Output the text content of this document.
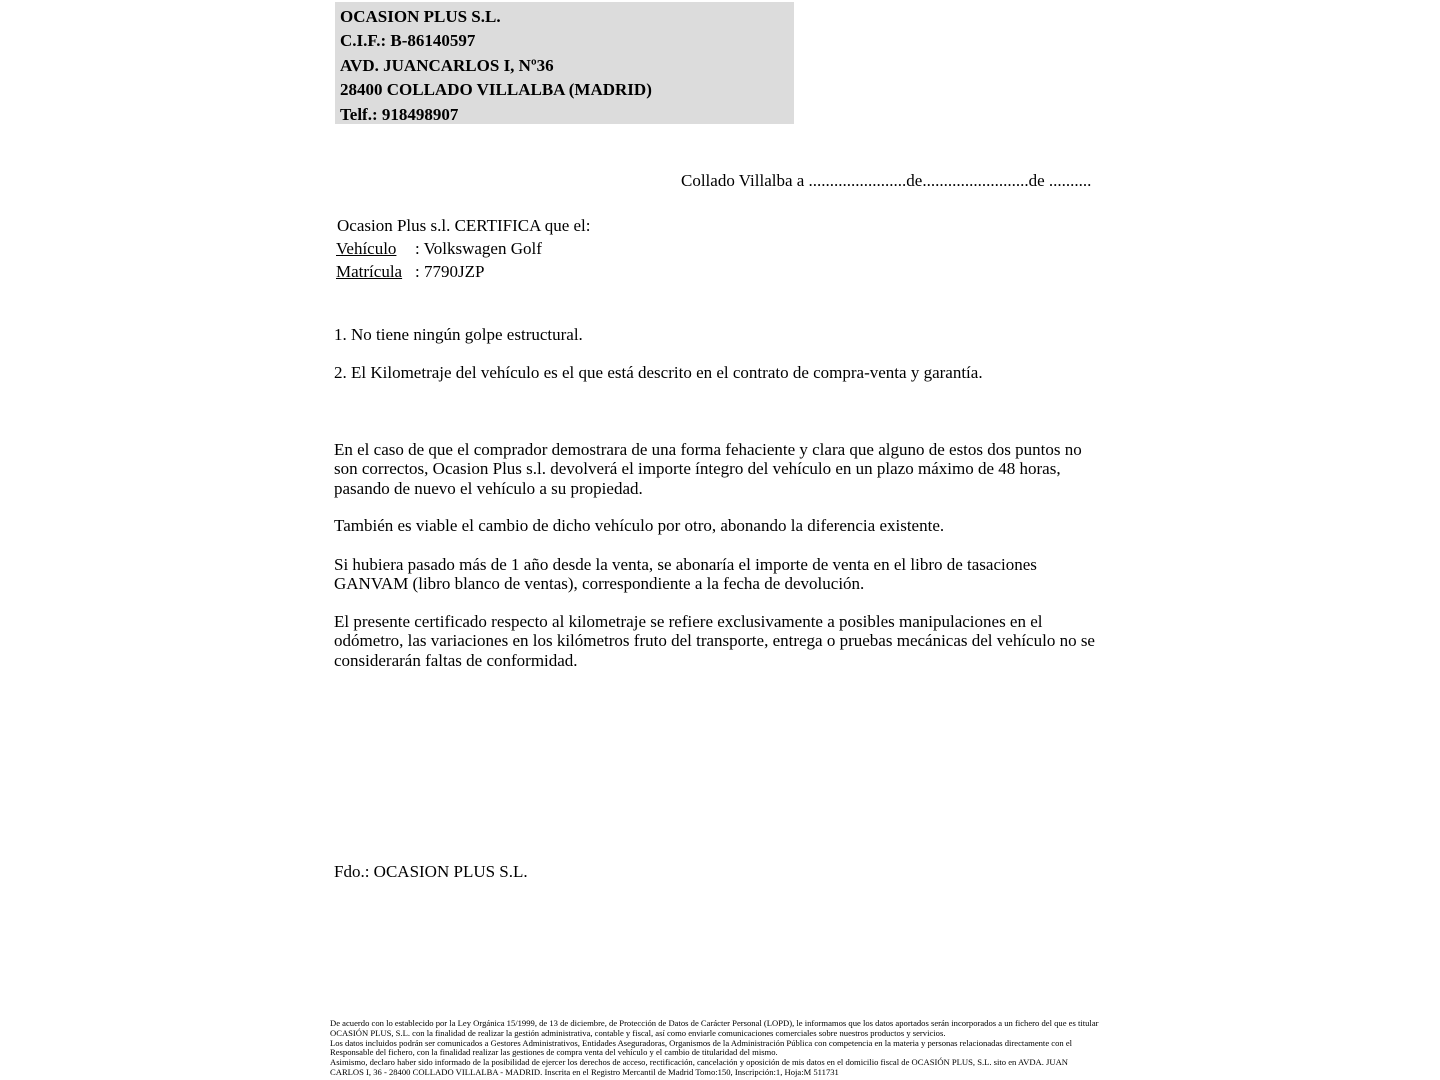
OCASION PLUS S.L.
C.I.F.: B-86140597
AVD. JUANCARLOS I, Nº36
28400 COLLADO VILLALBA (MADRID)
Telf.: 918498907
Collado Villalba a .......................de.........................de ..........
Ocasion Plus s.l. CERTIFICA que el:
Vehículo : Volkswagen Golf
Matrícula : 7790JZP
1. No tiene ningún golpe estructural.
2. El Kilometraje del vehículo es el que está descrito en el contrato de compra-venta y garantía.
En el caso de que el comprador demostrara de una forma fehaciente y clara que alguno de estos dos puntos no son correctos, Ocasion Plus s.l. devolverá el importe íntegro del vehículo en un plazo máximo de 48 horas, pasando de nuevo el vehículo a su propiedad.
También es viable el cambio de dicho vehículo por otro, abonando la diferencia existente.
Si hubiera pasado más de 1 año desde la venta, se abonaría el importe de venta en el libro de tasaciones GANVAM (libro blanco de ventas), correspondiente a la fecha de devolución.
El presente certificado respecto al kilometraje se refiere exclusivamente a posibles manipulaciones en el odómetro, las variaciones en los kilómetros fruto del transporte, entrega o pruebas mecánicas del vehículo no se considerarán faltas de conformidad.
Fdo.: OCASION PLUS S.L.
De acuerdo con lo establecido por la Ley Orgánica 15/1999, de 13 de diciembre, de Protección de Datos de Carácter Personal (LOPD), le informamos que los datos aportados serán incorporados a un fichero del que es titular
OCASIÓN PLUS, S.L. con la finalidad de realizar la gestión administrativa, contable y fiscal, así como enviarle comunicaciones comerciales sobre nuestros productos y servicios.
Los datos incluidos podrán ser comunicados a Gestores Administrativos, Entidades Aseguradoras, Organismos de la Administración Pública con competencia en la materia y personas relacionadas directamente con el
Responsable del fichero, con la finalidad realizar las gestiones de compra venta del vehículo y el cambio de titularidad del mismo.
Asimismo, declaro haber sido informado de la posibilidad de ejercer los derechos de acceso, rectificación, cancelación y oposición de mis datos en el domicilio fiscal de OCASIÓN PLUS, S.L. sito en AVDA. JUAN
CARLOS I, 36 - 28400 COLLADO VILLALBA - MADRID. Inscrita en el Registro Mercantil de Madrid Tomo:150, Inscripción:1, Hoja:M 511731
